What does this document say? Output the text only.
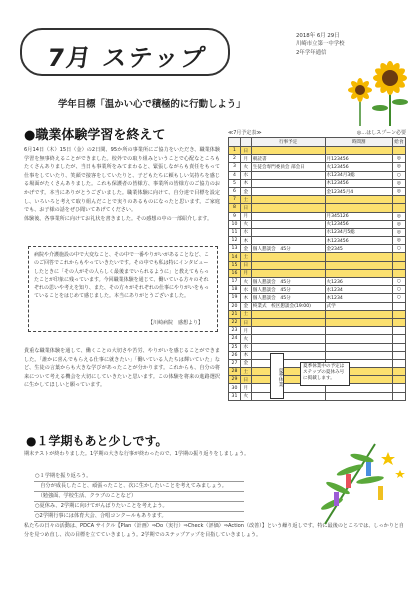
7月 ステップ
2018年 6月 29日
川崎市立第一中学校
2年学年通信
学年目標「温かい心で積極的に行動しよう」
●職業体験学習を終えて

6月14日（木）15日（金）の2日間、95か所の事業所にご協力をいただき、職業体験学習を無事終えることができました。校外での取り組みということで心配なところもたくさんありましたが、当日も事業所をみてまわると、緊張しながらも責任をもって仕事をしていたり、笑顔で接客をしていたりと、子どもたちに頼もしい気持ちを感じる場面がたくさんありました。これも保護者の皆様方、事業所の皆様方のご協力のおかげです。本当にありがとうございました。職業体験に向けて、自分達で目標を設定し、いろいろと考えて取り組んだことで実りのあるものになったと思います。ご家庭でも、お子様の話をぜひ聞いてあげてください。

体験後、各事業所に向けてお礼状を書きました。その感想の中の一部紹介します。

病院や介護施設の中で大変なこと、その中で一番やりがいがあることなど、このご回答でこれからもやっていきたいです。その中でも私は特にインタビューしたときに「その人がその人らしく最後までいられるように」と教えてもらったことが印象に残っています。今回職業体験を通じて、働いている方々のそれぞれの思いや考えを知り、また、その方々がそれぞれの仕事にやりがいをもっていることをはじめて感じました。本当にありがとうございました。
【川崎病院　感想より】
貴重な職業体験を通して、働くことの大切さや苦労、やりがいを感じることができました。「誰かに喜んでもらえる仕事に就きたい」「働いている人たちは輝いていた」など、生徒の言葉からも大きな学びがあったことが分かります。これからも、自分の将来について考える機会を大切にしていきたいと思います。この体験を将来の進路選択に生かしてほしいと願っています。
≪7月予定表≫	◎…はしスプーン必要
		行事予定	時間割	給食
1	日			
2	月	朝読書	月123456	◎
3	火	生徒会専門委員会 部会日	火123456	◎
4	水		水1234月3総	○
5	木		木123456	◎
6	金		金12345月4	◎
7	土			
8	日			
9	月		月345126	◎
10	火		火123456	◎
11	水		水1234月5総	◎
12	木		木123456	◎
13	金	個人懇談会　45分	金2345	○
14	土			
15	日			
16	月			
17	火	個人懇談会　45分	火1236	○
18	水	個人懇談会　45分	水1234	○
19	木	個人懇談会　45分	木1234	○
20	金	終業式　校区懇談会(19:00)	式学	
21	土			
22	日			
23	月			
24	火			
25	水			
26	木			
27	金			
28	土			
29	日			
30	月			
31	火			
夏季休業
夏季休業中の予定はステップの夏休み号に掲載します。
●１学期もあと少しです。
期末テストが終わりました。1学期の大きな行事が終わったので、1学期の振り返りをしましょう。
○１学期を振り返ろう。
　自分が成長したこと、頑張ったこと、次に生かしたいことを考えてみましょう。
　（勉強面、学校生活、クラブのことなど）
○夏休み、2学期に向けてがんばりたいことを考えよう。
○2学期行事には体育大会、合唱コンクールもあります。
私たちの日々の活動は、PDCA サイクル【Plan（計画）⇒Do（実行）⇒Check（評価）⇒Action（改善）】という繰り返しです。特に最後のところでは、しっかりと自分を見つめ直し、次の目標を立てていきましょう。2学期でのステップアップを目指していきましょう。
